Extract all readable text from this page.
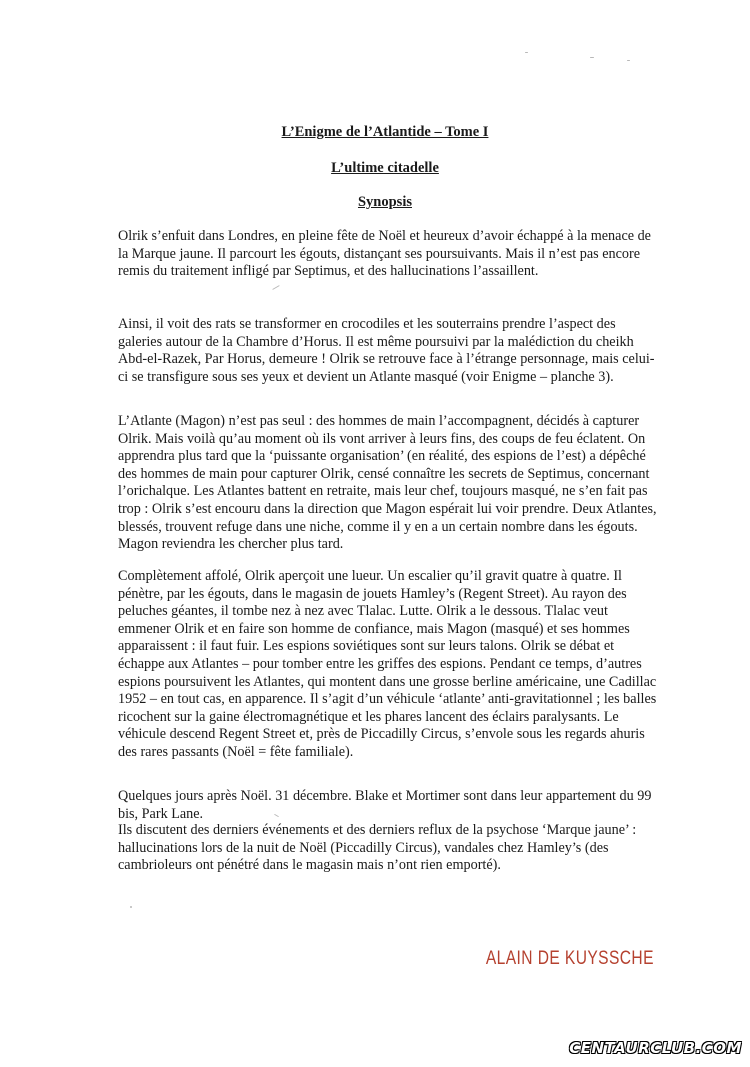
L’Enigme de l’Atlantide – Tome I
L’ultime citadelle
Synopsis

Olrik s’enfuit dans Londres, en pleine fête de Noël et heureux d’avoir échappé à la menace de la Marque jaune. Il parcourt les égouts, distançant ses poursuivants. Mais il n’est pas encore remis du traitement infligé par Septimus, et des hallucinations l’assaillent.

Ainsi, il voit des rats se transformer en crocodiles et les souterrains prendre l’aspect des galeries autour de la Chambre d’Horus. Il est même poursuivi par la malédiction du cheikh Abd-el-Razek, Par Horus, demeure ! Olrik se retrouve face à l’étrange personnage, mais celui-ci se transfigure sous ses yeux et devient un Atlante masqué (voir Enigme – planche 3).

L’Atlante (Magon) n’est pas seul : des hommes de main l’accompagnent, décidés à capturer Olrik. Mais voilà qu’au moment où ils vont arriver à leurs fins, des coups de feu éclatent. On apprendra plus tard que la ‘puissante organisation’ (en réalité, des espions de l’est) a dépêché des hommes de main pour capturer Olrik, censé connaître les secrets de Septimus, concernant l’orichalque. Les Atlantes battent en retraite, mais leur chef, toujours masqué, ne s’en fait pas trop : Olrik s’est encouru dans la direction que Magon espérait lui voir prendre. Deux Atlantes, blessés, trouvent refuge dans une niche, comme il y en a un certain nombre dans les égouts. Magon reviendra les chercher plus tard.

Complètement affolé, Olrik aperçoit une lueur. Un escalier qu’il gravit quatre à quatre. Il pénètre, par les égouts, dans le magasin de jouets Hamley’s (Regent Street). Au rayon des peluches géantes, il tombe nez à nez avec Tlalac. Lutte. Olrik a le dessous. Tlalac veut emmener Olrik et en faire son homme de confiance, mais Magon (masqué) et ses hommes apparaissent : il faut fuir. Les espions soviétiques sont sur leurs talons. Olrik se débat et échappe aux Atlantes – pour tomber entre les griffes des espions. Pendant ce temps, d’autres espions poursuivent les Atlantes, qui montent dans une grosse berline américaine, une Cadillac 1952 – en tout cas, en apparence. Il s’agit d’un véhicule ‘atlante’ anti-gravitationnel ; les balles ricochent sur la gaine électromagnétique et les phares lancent des éclairs paralysants. Le véhicule descend Regent Street et, près de Piccadilly Circus, s’envole sous les regards ahuris des rares passants (Noël = fête familiale).

Quelques jours après Noël. 31 décembre. Blake et Mortimer sont dans leur appartement du 99 bis, Park Lane.

Ils discutent des derniers événements et des derniers reflux de la psychose ‘Marque jaune’ : hallucinations lors de la nuit de Noël (Piccadilly Circus), vandales chez Hamley’s (des cambrioleurs ont pénétré dans le magasin mais n’ont rien emporté).

ALAIN DE KUYSSCHE
CENTAURCLUB.COM
